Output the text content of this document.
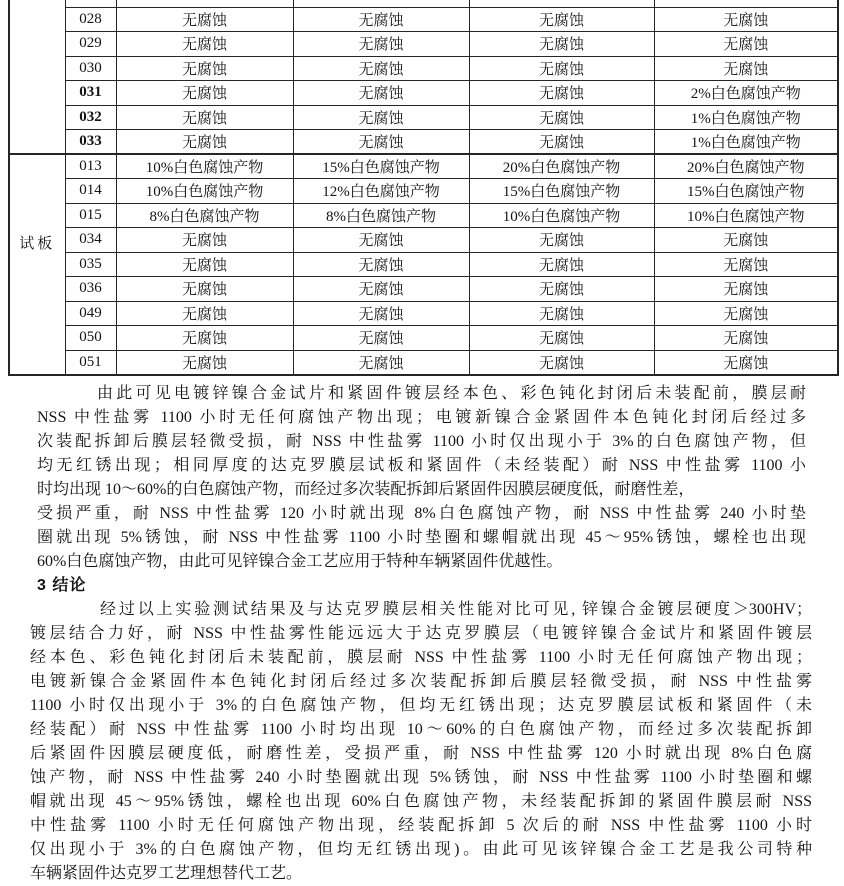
	028	无腐蚀	无腐蚀	无腐蚀	无腐蚀
	029	无腐蚀	无腐蚀	无腐蚀	无腐蚀
	030	无腐蚀	无腐蚀	无腐蚀	无腐蚀
	031	无腐蚀	无腐蚀	无腐蚀	2%白色腐蚀产物
	032	无腐蚀	无腐蚀	无腐蚀	1%白色腐蚀产物
	033	无腐蚀	无腐蚀	无腐蚀	1%白色腐蚀产物
试板	013	10%白色腐蚀产物	15%白色腐蚀产物	20%白色腐蚀产物	20%白色腐蚀产物
	014	10%白色腐蚀产物	12%白色腐蚀产物	15%白色腐蚀产物	15%白色腐蚀产物
	015	8%白色腐蚀产物	8%白色腐蚀产物	10%白色腐蚀产物	10%白色腐蚀产物
	034	无腐蚀	无腐蚀	无腐蚀	无腐蚀
	035	无腐蚀	无腐蚀	无腐蚀	无腐蚀
	036	无腐蚀	无腐蚀	无腐蚀	无腐蚀
	049	无腐蚀	无腐蚀	无腐蚀	无腐蚀
	050	无腐蚀	无腐蚀	无腐蚀	无腐蚀
	051	无腐蚀	无腐蚀	无腐蚀	无腐蚀
由此可见电镀锌镍合金试片和紧固件镀层经本色、彩色钝化封闭后未装配前，膜层耐
NSS 中性盐雾 1100 小时无任何腐蚀产物出现；电镀新镍合金紧固件本色钝化封闭后经过多
次装配拆卸后膜层轻微受损，耐 NSS 中性盐雾 1100 小时仅出现小于 3%的白色腐蚀产物，但
均无红锈出现；相同厚度的达克罗膜层试板和紧固件（未经装配）耐 NSS 中性盐雾 1100 小
时均出现 10～60%的白色腐蚀产物，而经过多次装配拆卸后紧固件因膜层硬度低，耐磨性差，
受损严重，耐 NSS 中性盐雾 120 小时就出现 8%白色腐蚀产物，耐 NSS 中性盐雾 240 小时垫
圈就出现 5%锈蚀，耐 NSS 中性盐雾 1100 小时垫圈和螺帽就出现 45～95%锈蚀，螺栓也出现
60%白色腐蚀产物，由此可见锌镍合金工艺应用于特种车辆紧固件优越性。
3 结论
经过以上实验测试结果及与达克罗膜层相关性能对比可见, 锌镍合金镀层硬度＞300HV；
镀层结合力好，耐 NSS 中性盐雾性能远远大于达克罗膜层（电镀锌镍合金试片和紧固件镀层
经本色、彩色钝化封闭后未装配前，膜层耐 NSS 中性盐雾 1100 小时无任何腐蚀产物出现；
电镀新镍合金紧固件本色钝化封闭后经过多次装配拆卸后膜层轻微受损，耐 NSS 中性盐雾
1100 小时仅出现小于 3%的白色腐蚀产物，但均无红锈出现；达克罗膜层试板和紧固件（未
经装配）耐 NSS 中性盐雾 1100 小时均出现 10～60%的白色腐蚀产物，而经过多次装配拆卸
后紧固件因膜层硬度低，耐磨性差，受损严重，耐 NSS 中性盐雾 120 小时就出现 8%白色腐
蚀产物，耐 NSS 中性盐雾 240 小时垫圈就出现 5%锈蚀，耐 NSS 中性盐雾 1100 小时垫圈和螺
帽就出现 45～95%锈蚀，螺栓也出现 60%白色腐蚀产物，未经装配拆卸的紧固件膜层耐 NSS
中性盐雾 1100 小时无任何腐蚀产物出现，经装配拆卸 5 次后的耐 NSS 中性盐雾 1100 小时
仅出现小于 3%的白色腐蚀产物，但均无红锈出现)。由此可见该锌镍合金工艺是我公司特种
车辆紧固件达克罗工艺理想替代工艺。
